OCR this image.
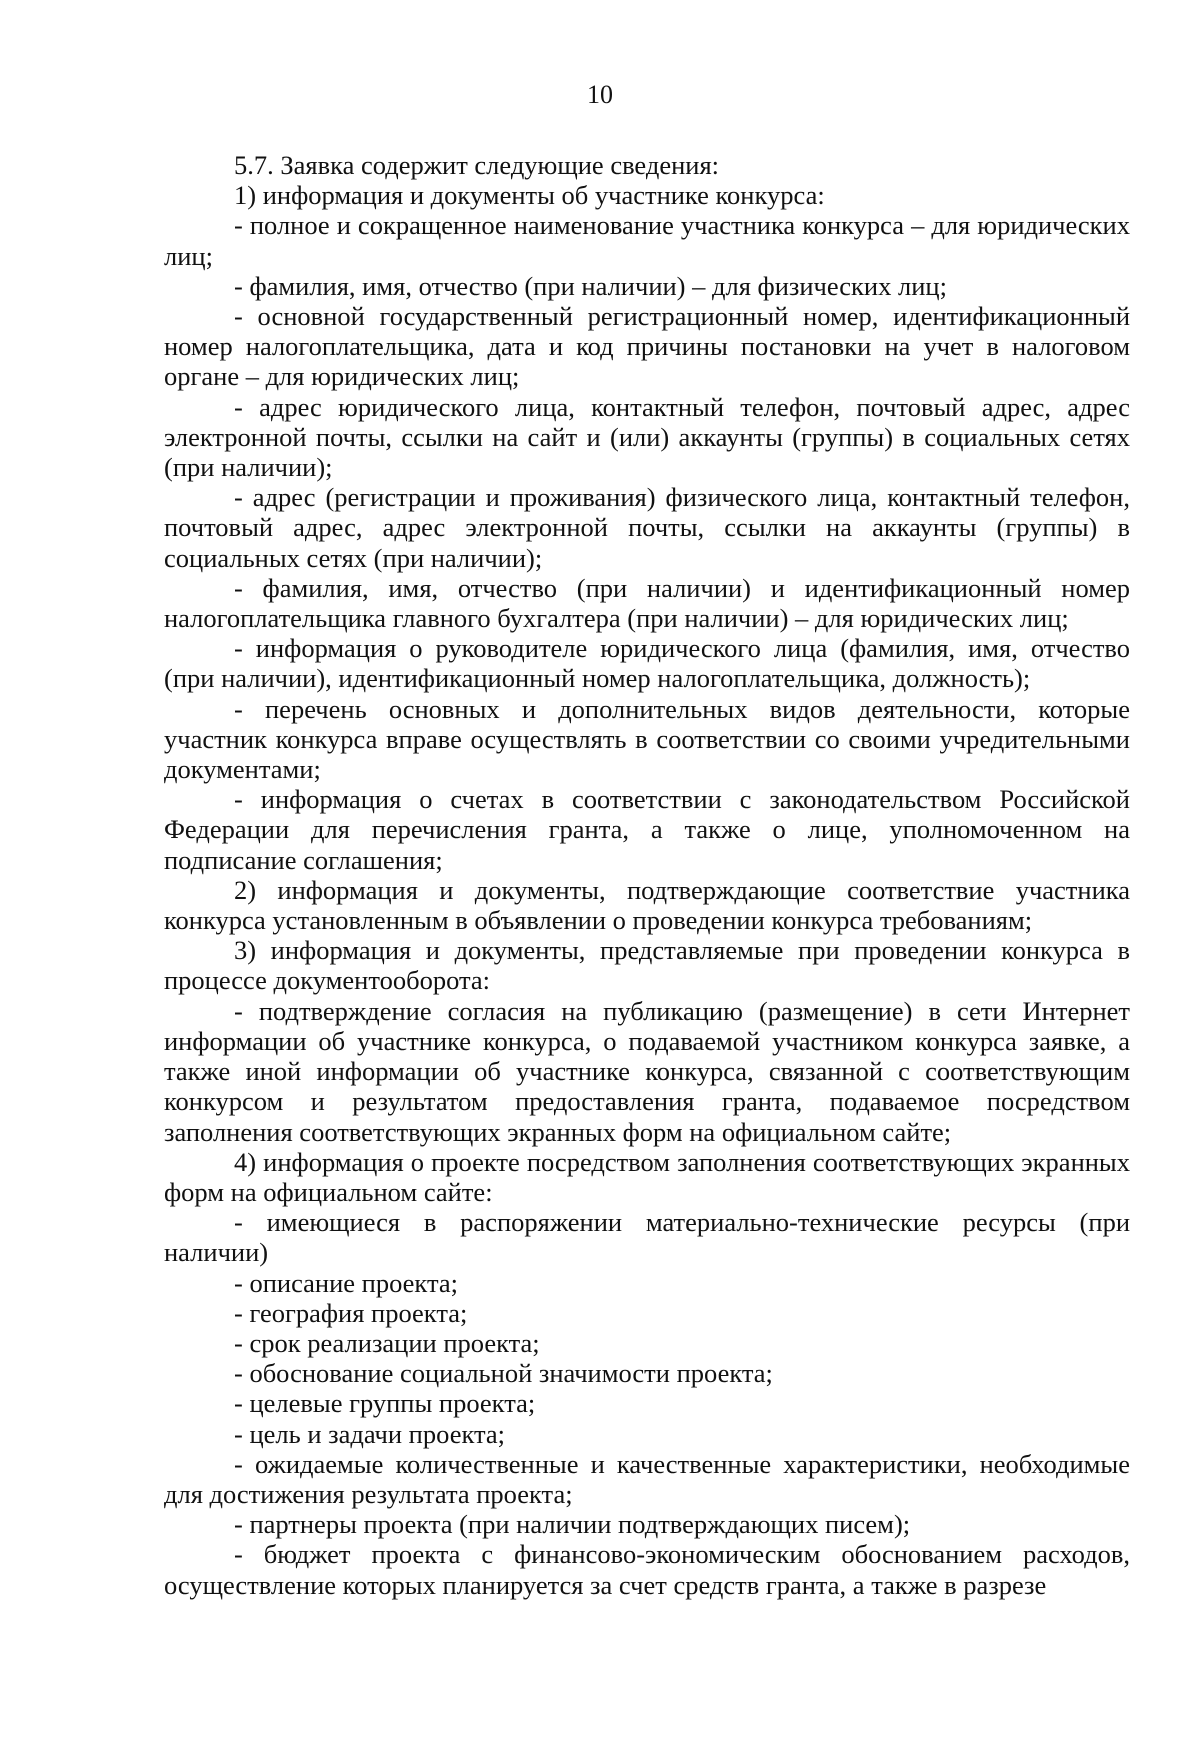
10

5.7. Заявка содержит следующие сведения:

1) информация и документы об участнике конкурса:

- полное и сокращенное наименование участника конкурса – для юридических лиц;

- фамилия, имя, отчество (при наличии) – для физических лиц;

- основной государственный регистрационный номер, идентификационный номер налогоплательщика, дата и код причины постановки на учет в налоговом органе – для юридических лиц;

- адрес юридического лица, контактный телефон, почтовый адрес, адрес электронной почты, ссылки на сайт и (или) аккаунты (группы) в социальных сетях (при наличии);

- адрес (регистрации и проживания) физического лица, контактный телефон, почтовый адрес, адрес электронной почты, ссылки на аккаунты (группы) в социальных сетях (при наличии);

- фамилия, имя, отчество (при наличии) и идентификационный номер налогоплательщика главного бухгалтера (при наличии) – для юридических лиц;

- информация о руководителе юридического лица (фамилия, имя, отчество (при наличии), идентификационный номер налогоплательщика, должность);

- перечень основных и дополнительных видов деятельности, которые участник конкурса вправе осуществлять в соответствии со своими учредительными документами;

- информация о счетах в соответствии с законодательством Российской Федерации для перечисления гранта, а также о лице, уполномоченном на подписание соглашения;

2) информация и документы, подтверждающие соответствие участника конкурса установленным в объявлении о проведении конкурса требованиям;

3) информация и документы, представляемые при проведении конкурса в процессе документооборота:

- подтверждение согласия на публикацию (размещение) в сети Интернет информации об участнике конкурса, о подаваемой участником конкурса заявке, а также иной информации об участнике конкурса, связанной с соответствующим конкурсом и результатом предоставления гранта, подаваемое посредством заполнения соответствующих экранных форм на официальном сайте;

4) информация о проекте посредством заполнения соответствующих экранных форм на официальном сайте:

- имеющиеся в распоряжении материально-технические ресурсы (при наличии)

- описание проекта;

- география проекта;

- срок реализации проекта;

- обоснование социальной значимости проекта;

- целевые группы проекта;

- цель и задачи проекта;

- ожидаемые количественные и качественные характеристики, необходимые для достижения результата проекта;

- партнеры проекта (при наличии подтверждающих писем);

- бюджет проекта с финансово-экономическим обоснованием расходов, осуществление которых планируется за счет средств гранта, а также в разрезе
